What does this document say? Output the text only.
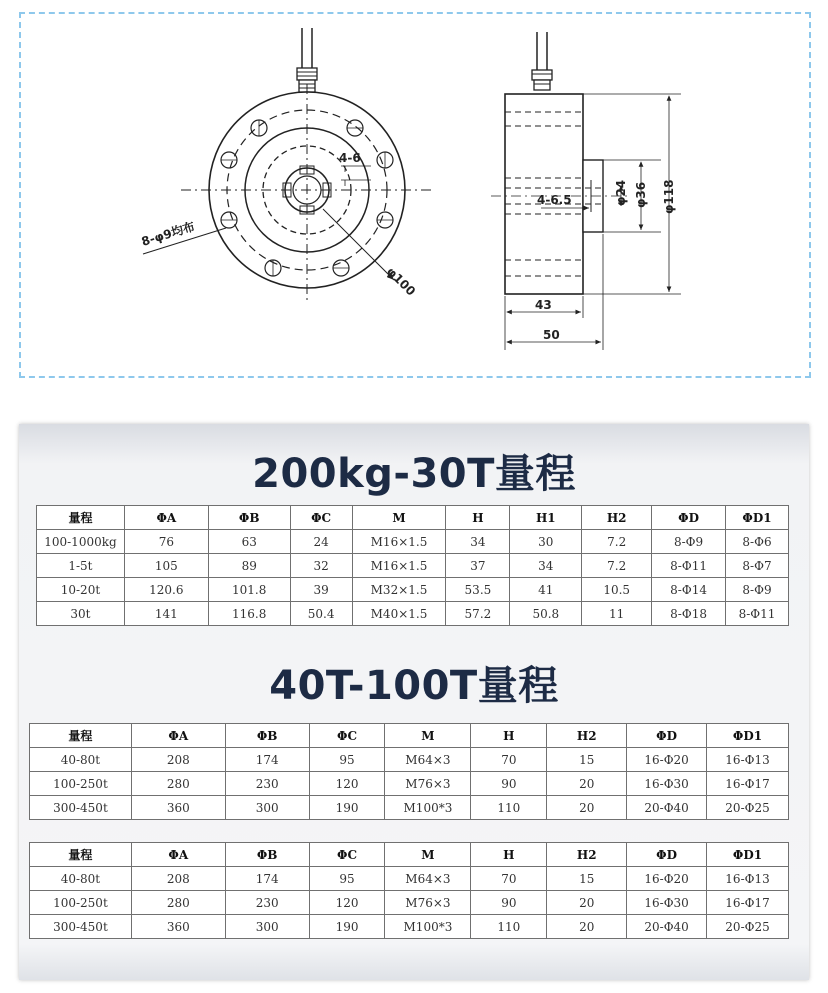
4-6
8-φ9均布
φ100
4-6.5	φ24 φ36 φ118
43
50
200kg-30T量程
量程	ΦA	ΦB	ΦC	M	H	H1	H2	ΦD	ΦD1
100-1000kg	76	63	24	M16×1.5	34	30	7.2	8-Φ9	8-Φ6
1-5t	105	89	32	M16×1.5	37	34	7.2	8-Φ11	8-Φ7
10-20t	120.6	101.8	39	M32×1.5	53.5	41	10.5	8-Φ14	8-Φ9
30t	141	116.8	50.4	M40×1.5	57.2	50.8	11	8-Φ18	8-Φ11
40T-100T量程
量程	ΦA	ΦB	ΦC	M	H	H2	ΦD	ΦD1
40-80t	208	174	95	M64×3	70	15	16-Φ20	16-Φ13
100-250t	280	230	120	M76×3	90	20	16-Φ30	16-Φ17
300-450t	360	300	190	M100*3	110	20	20-Φ40	20-Φ25
量程	ΦA	ΦB	ΦC	M	H	H2	ΦD	ΦD1
40-80t	208	174	95	M64×3	70	15	16-Φ20	16-Φ13
100-250t	280	230	120	M76×3	90	20	16-Φ30	16-Φ17
300-450t	360	300	190	M100*3	110	20	20-Φ40	20-Φ25
